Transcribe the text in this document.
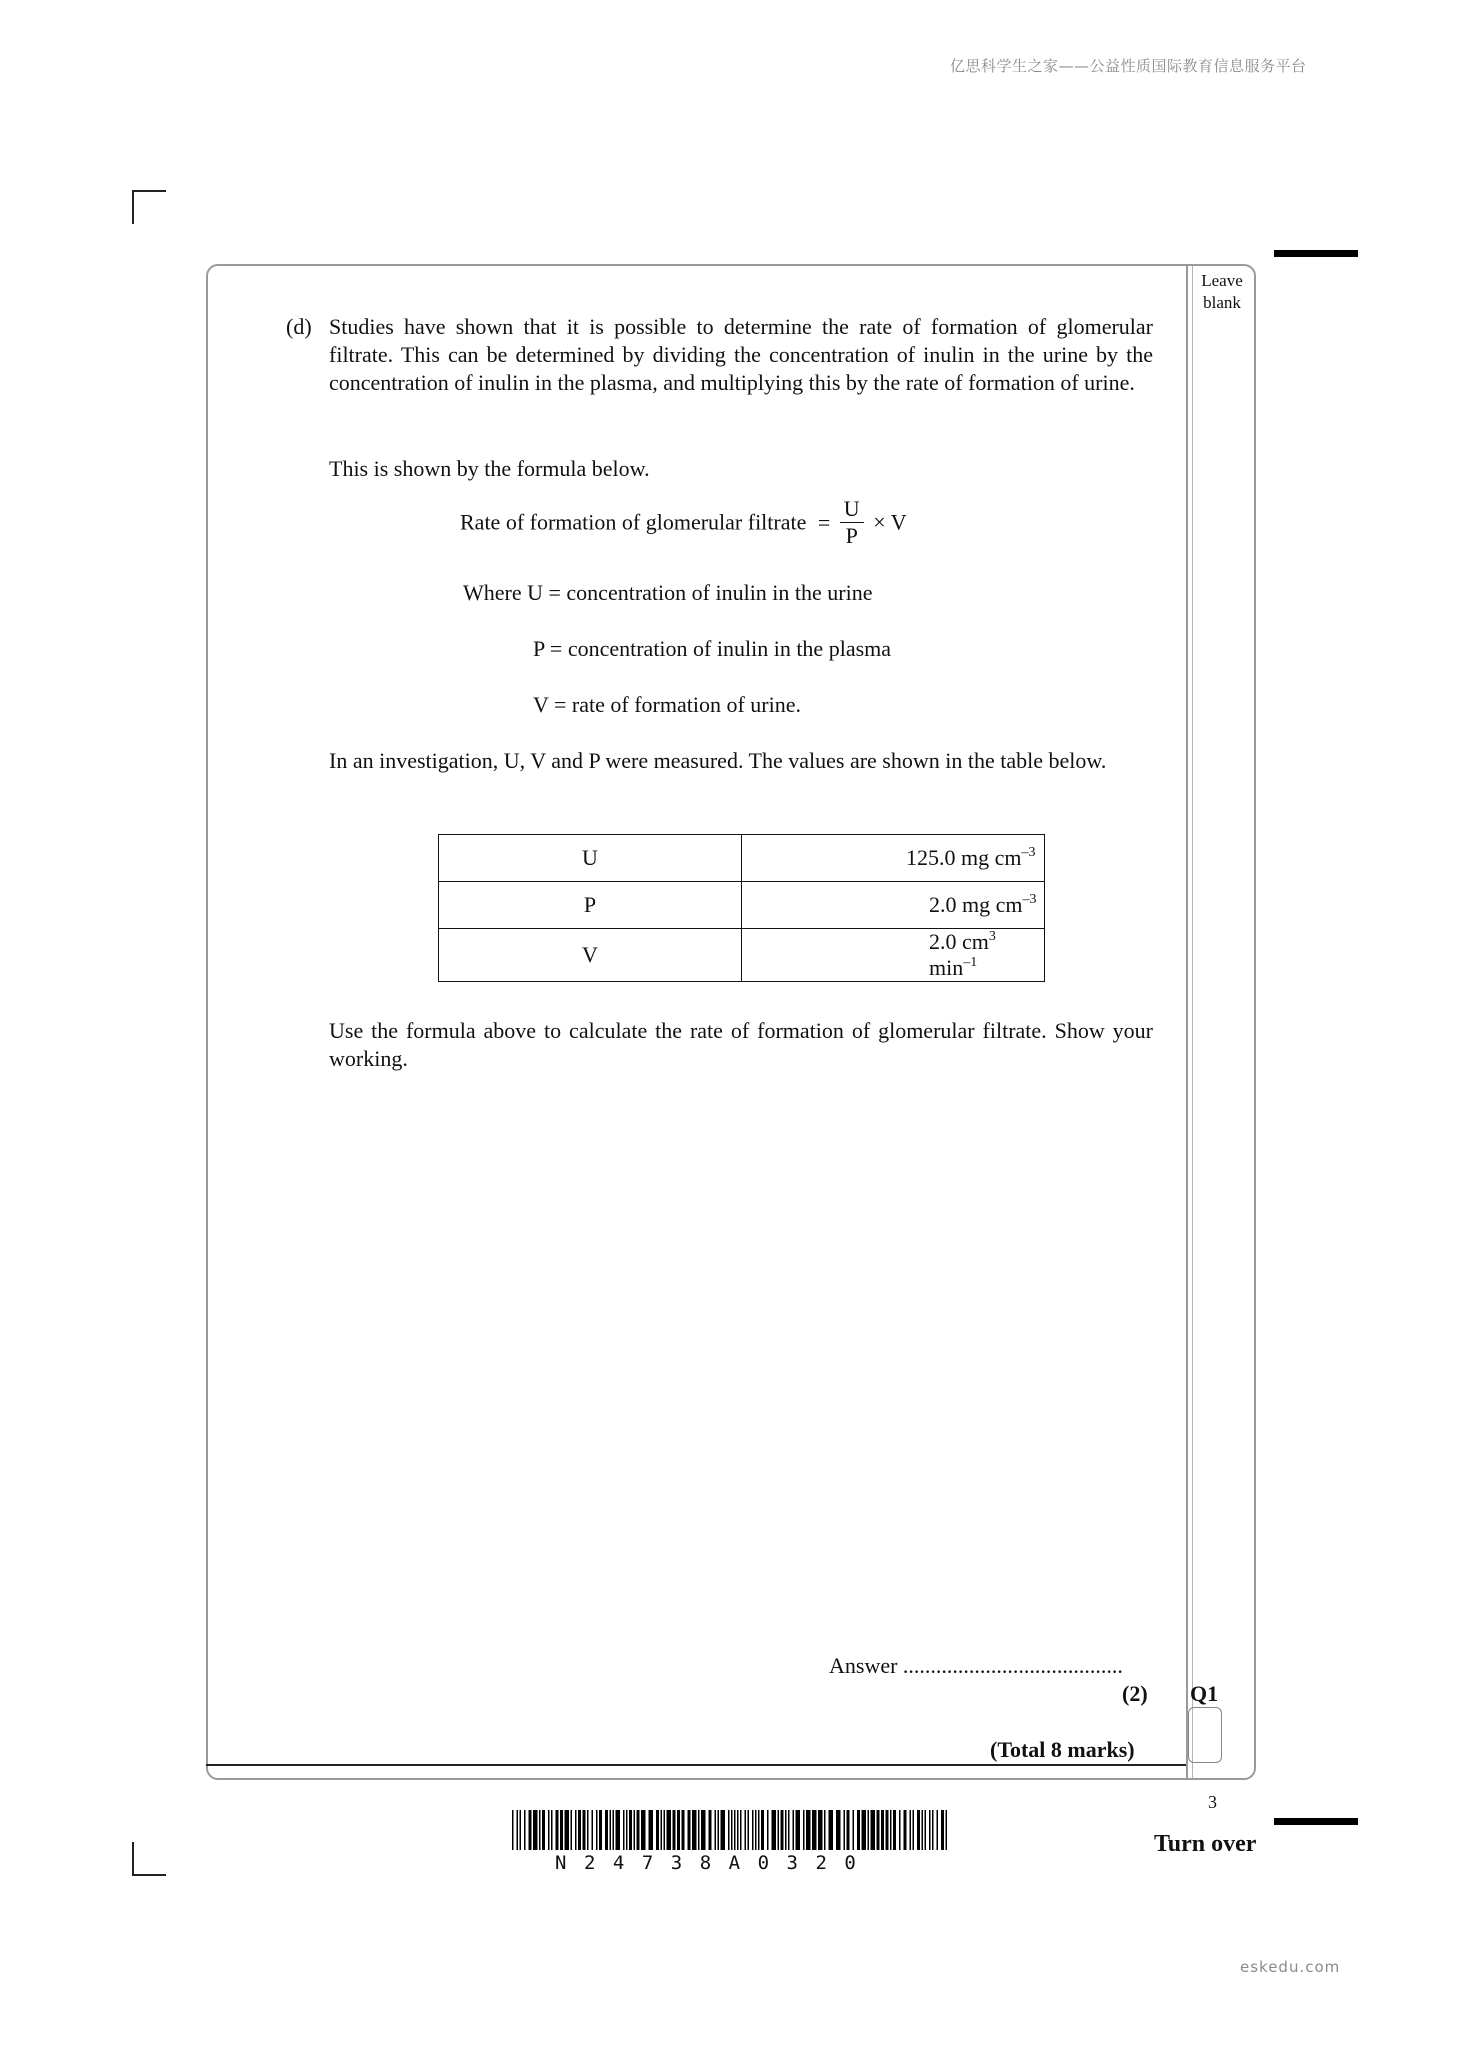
亿思科学生之家——公益性质国际教育信息服务平台
Leave
blank
(d) Studies have shown that it is possible to determine the rate of formation of glomerular filtrate. This can be determined by dividing the concentration of inulin in the urine by the concentration of inulin in the plasma, and multiplying this by the rate of formation of urine.
This is shown by the formula below.
Rate of formation of glomerular filtrate = $\frac{U}{P} \times V$
Where U = concentration of inulin in the urine
P = concentration of inulin in the plasma
V = rate of formation of urine.
In an investigation, U, V and P were measured. The values are shown in the table below.
U	125.0 mg $cm^{-3}$
P	2.0 mg $cm^{-3}$
V	2.0 $cm^3\min^{-1}$
Use the formula above to calculate the rate of formation of glomerular filtrate. Show your working.
Answer ........................................
(2) Q1
(Total 8 marks)
3
N24738A0320
Turn over
eskedu.com
